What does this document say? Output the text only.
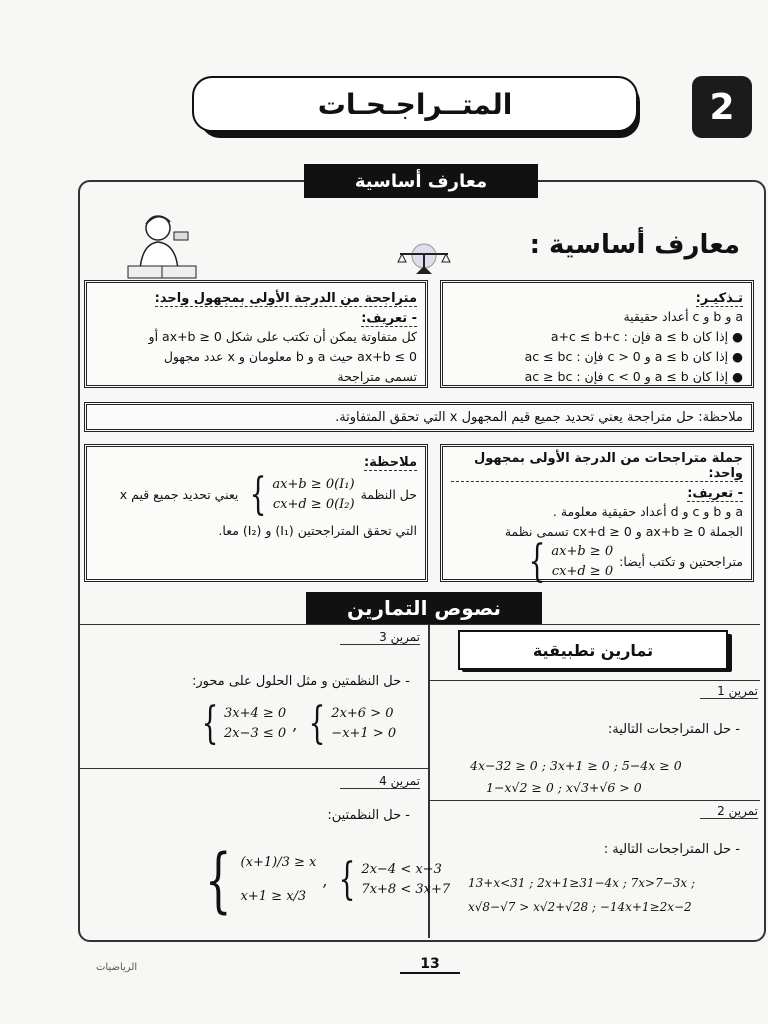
المتــراجـحـات	2
معارف أساسية
معارف أساسية :
تـذكيـر:
a و b و c أعداد حقيقية
● إذا كان a ≤ b فإن : a+c ≤ b+c
● إذا كان a ≤ b و c > 0 فإن : ac ≤ bc
● إذا كان a ≤ b و c < 0 فإن : ac ≥ bc
متراجحة من الدرجة الأولى بمجهول واحد:
- تعريف:
كل متفاوتة يمكن أن تكتب على شكل ax+b ≥ 0 أو
ax+b ≤ 0 حيث a و b معلومان و x عدد مجهول
تسمى متراجحة
ملاحظة: حل متراجحة يعني تحديد جميع قيم المجهول x التي تحقق المتفاوتة.
جملة متراجحات من الدرجة الأولى بمجهول واحد:
- تعريف:
a و b و c و d أعداد حقيقية معلومة .
الجملة ax+b ≥ 0 و cx+d ≥ 0 تسمى نظمة
متراجحتين و تكتب أيضا:
{ ax+b ≥ 0
cx+d ≥ 0
ملاحظة:
حل النظمة
{ ax+b ≥ 0(I₁)
cx+d ≥ 0(I₂)
يعني تحديد جميع قيم x
التي تحقق المتراجحتين (I₁) و (I₂) معا.
نصوص التمارين
تمارين تطبيقية
تمرين 1
- حل المتراجحات التالية:
4x−32 ≥ 0 ; 3x+1 ≥ 0 ; 5−4x ≥ 0
1−x√2 ≥ 0 ; x√3+√6 > 0
تمرين 2
- حل المتراجحات التالية :
13+x<31 ; 2x+1≥31−4x ; 7x>7−3x ;
x√8−√7 > x√2+√28 ; −14x+1≥2x−2
تمرين 3
- حل النظمتين و مثل الحلول على محور:
{ 3x+4 ≥ 0
2x−3 ≤ 0 , { 2x+6 > 0
−x+1 > 0
تمرين 4
- حل النظمتين:
{ (x+1)/3 ≥ x
x+1 ≥ x/3
, { 2x−4 < x−3
7x+8 < 3x+7
13
الرياضيات
